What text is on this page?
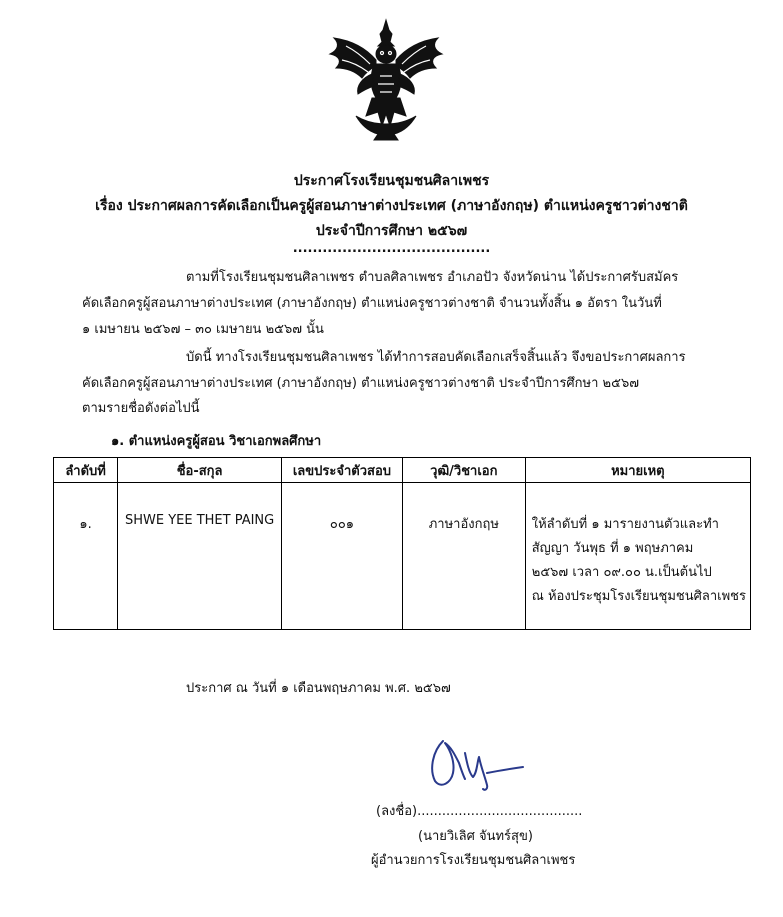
ประกาศโรงเรียนชุมชนศิลาเพชร
เรื่อง ประกาศผลการคัดเลือกเป็นครูผู้สอนภาษาต่างประเทศ (ภาษาอังกฤษ) ตำแหน่งครูชาวต่างชาติ
ประจำปีการศึกษา ๒๕๖๗
........................................
ตามที่โรงเรียนชุมชนศิลาเพชร ตำบลศิลาเพชร อำเภอปัว จังหวัดน่าน ได้ประกาศรับสมัคร
คัดเลือกครูผู้สอนภาษาต่างประเทศ (ภาษาอังกฤษ) ตำแหน่งครูชาวต่างชาติ จำนวนทั้งสิ้น ๑ อัตรา ในวันที่
๑ เมษายน ๒๕๖๗ – ๓๐ เมษายน ๒๕๖๗ นั้น
บัดนี้ ทางโรงเรียนชุมชนศิลาเพชร ได้ทำการสอบคัดเลือกเสร็จสิ้นแล้ว จึงขอประกาศผลการ
คัดเลือกครูผู้สอนภาษาต่างประเทศ (ภาษาอังกฤษ) ตำแหน่งครูชาวต่างชาติ ประจำปีการศึกษา ๒๕๖๗
ตามรายชื่อดังต่อไปนี้
๑. ตำแหน่งครูผู้สอน วิชาเอกพลศึกษา
ลำดับที่	ชื่อ-สกุล	เลขประจำตัวสอบ	วุฒิ/วิชาเอก	หมายเหตุ
๑.	SHWE YEE THET PAING	๐๐๑	ภาษาอังกฤษ	ให้ลำดับที่ ๑ มารายงานตัวและทำ
สัญญา วันพุธ ที่ ๑ พฤษภาคม
๒๕๖๗ เวลา ๐๙.๐๐ น.เป็นต้นไป
ณ ห้องประชุมโรงเรียนชุมชนศิลาเพชร
ประกาศ ณ วันที่ ๑ เดือนพฤษภาคม พ.ศ. ๒๕๖๗
(ลงชื่อ)........................................
(นายวิเลิศ จันทร์สุข)
ผู้อำนวยการโรงเรียนชุมชนศิลาเพชร
